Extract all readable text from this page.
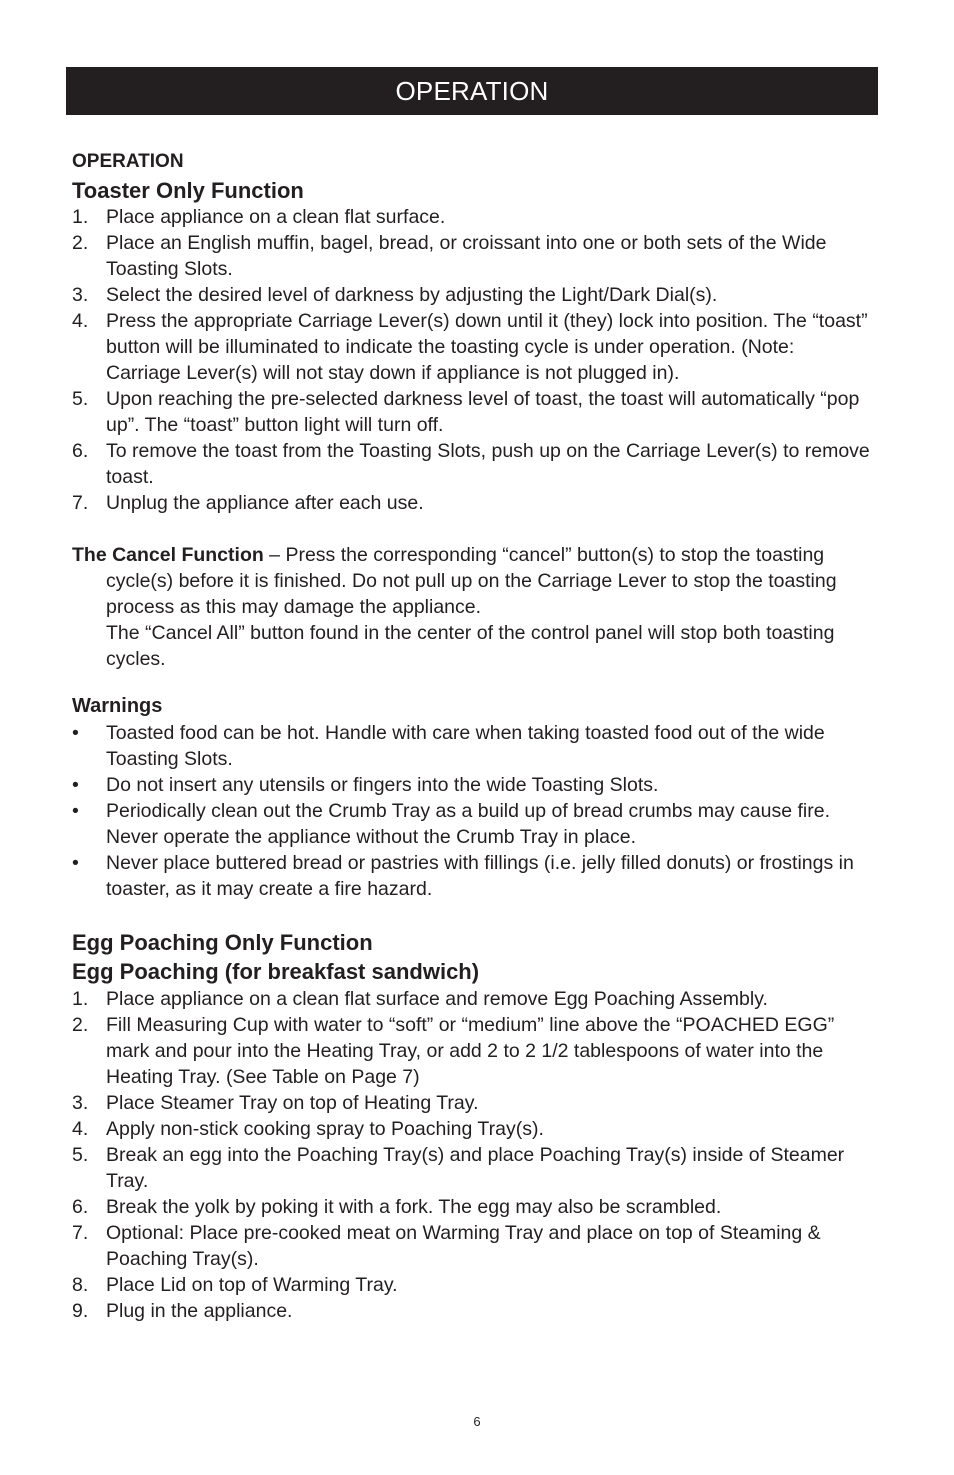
OPERATION
OPERATION
Toaster Only Function
1. Place appliance on a clean flat surface.
2. Place an English muffin, bagel, bread, or croissant into one or both sets of the Wide Toasting Slots.
3. Select the desired level of darkness by adjusting the Light/Dark Dial(s).
4. Press the appropriate Carriage Lever(s) down until it (they) lock into position. The “toast” button will be illuminated to indicate the toasting cycle is under operation. (Note: Carriage Lever(s) will not stay down if appliance is not plugged in).
5. Upon reaching the pre-selected darkness level of toast, the toast will automatically “pop up”. The “toast” button light will turn off.
6. To remove the toast from the Toasting Slots, push up on the Carriage Lever(s) to remove toast.
7. Unplug the appliance after each use.
The Cancel Function – Press the corresponding “cancel” button(s) to stop the toasting cycle(s) before it is finished. Do not pull up on the Carriage Lever to stop the toasting process as this may damage the appliance.
The “Cancel All” button found in the center of the control panel will stop both toasting cycles.
Warnings
• Toasted food can be hot. Handle with care when taking toasted food out of the wide Toasting Slots.
• Do not insert any utensils or fingers into the wide Toasting Slots.
• Periodically clean out the Crumb Tray as a build up of bread crumbs may cause fire. Never operate the appliance without the Crumb Tray in place.
• Never place buttered bread or pastries with fillings (i.e. jelly filled donuts) or frostings in toaster, as it may create a fire hazard.
Egg Poaching Only Function
Egg Poaching (for breakfast sandwich)
1. Place appliance on a clean flat surface and remove Egg Poaching Assembly.
2. Fill Measuring Cup with water to “soft” or “medium” line above the “POACHED EGG” mark and pour into the Heating Tray, or add 2 to 2 1/2 tablespoons of water into the Heating Tray. (See Table on Page 7)
3. Place Steamer Tray on top of Heating Tray.
4. Apply non-stick cooking spray to Poaching Tray(s).
5. Break an egg into the Poaching Tray(s) and place Poaching Tray(s) inside of Steamer Tray.
6. Break the yolk by poking it with a fork. The egg may also be scrambled.
7. Optional: Place pre-cooked meat on Warming Tray and place on top of Steaming & Poaching Tray(s).
8. Place Lid on top of Warming Tray.
9. Plug in the appliance.
6
